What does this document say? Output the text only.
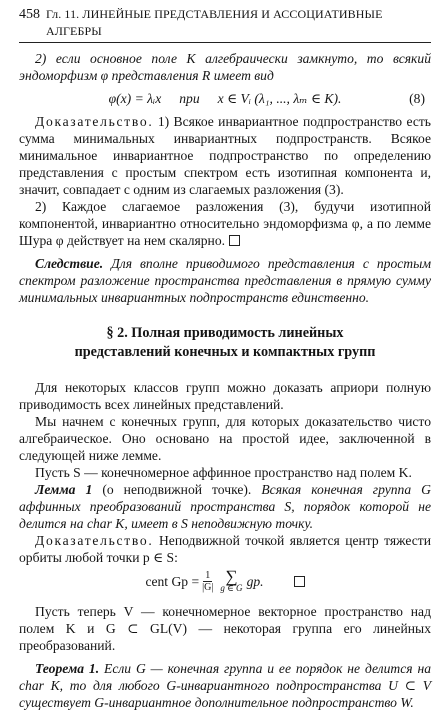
458 Гл. 11. ЛИНЕЙНЫЕ ПРЕДСТАВЛЕНИЯ И АССОЦИАТИВНЫЕ АЛГЕБРЫ

2) если основное поле K алгебраически замкнуто, то всякий эндоморфизм φ представления R имеет вид

φ(x) = λᵢx при x ∈ Vᵢ (λ₁, ..., λₘ ∈ K).	(8)

Доказательство. 1) Всякое инвариантное подпространство есть сумма минимальных инвариантных подпространств. Всякое минимальное инвариантное подпространство по определению представления с простым спектром есть изотипная компонента и, значит, совпадает с одним из слагаемых разложения (3).

2) Каждое слагаемое разложения (3), будучи изотипной компонентой, инвариантно относительно эндоморфизма φ, а по лемме Шура φ действует на нем скалярно.

Следствие. Для вполне приводимого представления с простым спектром разложение пространства представления в прямую сумму минимальных инвариантных подпространств единственно.

§ 2. Полная приводимость линейных
представлений конечных и компактных групп

Для некоторых классов групп можно доказать априори полную приводимость всех линейных представлений.

Мы начнем с конечных групп, для которых доказательство чисто алгебраическое. Оно основано на простой идее, заключенной в следующей ниже лемме.

Пусть S — конечномерное аффинное пространство над полем K.

Лемма 1 (о неподвижной точке). Всякая конечная группа G аффинных преобразований пространства S, порядок которой не делится на char K, имеет в S неподвижную точку.

Доказательство. Неподвижной точкой является центр тяжести орбиты любой точки p ∈ S:

cent $Gp = \frac{1}{|G|}$ ∑
g ∈ G gp.

Пусть теперь V — конечномерное векторное пространство над полем K и G ⊂ GL(V) — некоторая группа его линейных преобразований.

Теорема 1. Если G — конечная группа и ее порядок не делится на char K, то для любого G-инвариантного подпространства U ⊂ V существует G-инвариантное дополнительное подпространство W.
